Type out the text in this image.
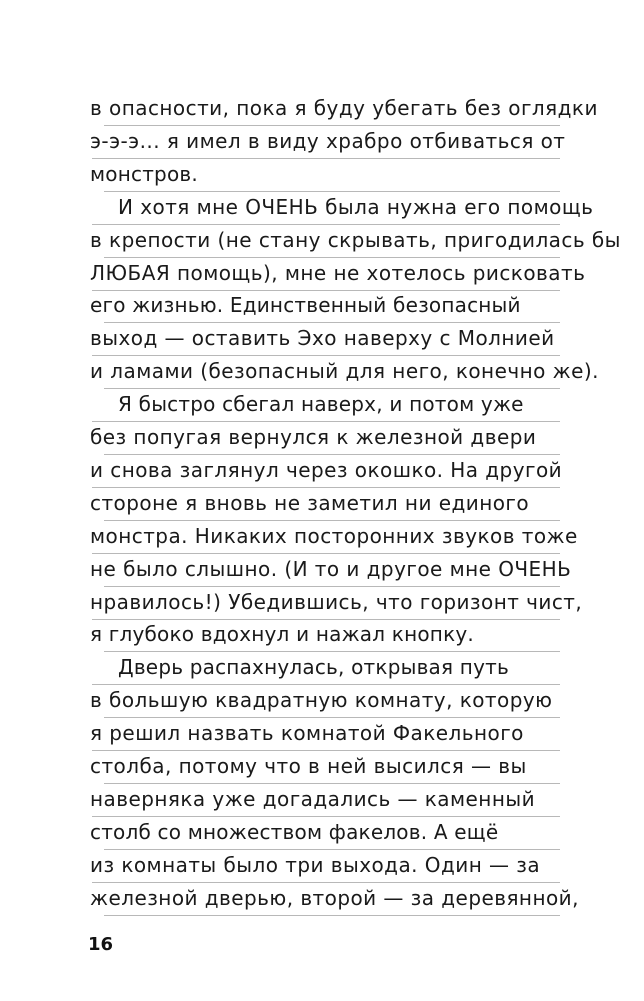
в опасности, пока я буду убегать без оглядки
э-э-э... я имел в виду храбро отбиваться от
монстров.
И хотя мне ОЧЕНЬ была нужна его помощь
в крепости (не стану скрывать, пригодилась бы
ЛЮБАЯ помощь), мне не хотелось рисковать
его жизнью. Единственный безопасный
выход — оставить Эхо наверху с Молнией
и ламами (безопасный для него, конечно же).
Я быстро сбегал наверх, и потом уже
без попугая вернулся к железной двери
и снова заглянул через окошко. На другой
стороне я вновь не заметил ни единого
монстра. Никаких посторонних звуков тоже
не было слышно. (И то и другое мне ОЧЕНЬ
нравилось!) Убедившись, что горизонт чист,
я глубоко вдохнул и нажал кнопку.
Дверь распахнулась, открывая путь
в большую квадратную комнату, которую
я решил назвать комнатой Факельного
столба, потому что в ней высился — вы
наверняка уже догадались — каменный
столб со множеством факелов. А ещё
из комнаты было три выхода. Один — за
железной дверью, второй — за деревянной,
16
